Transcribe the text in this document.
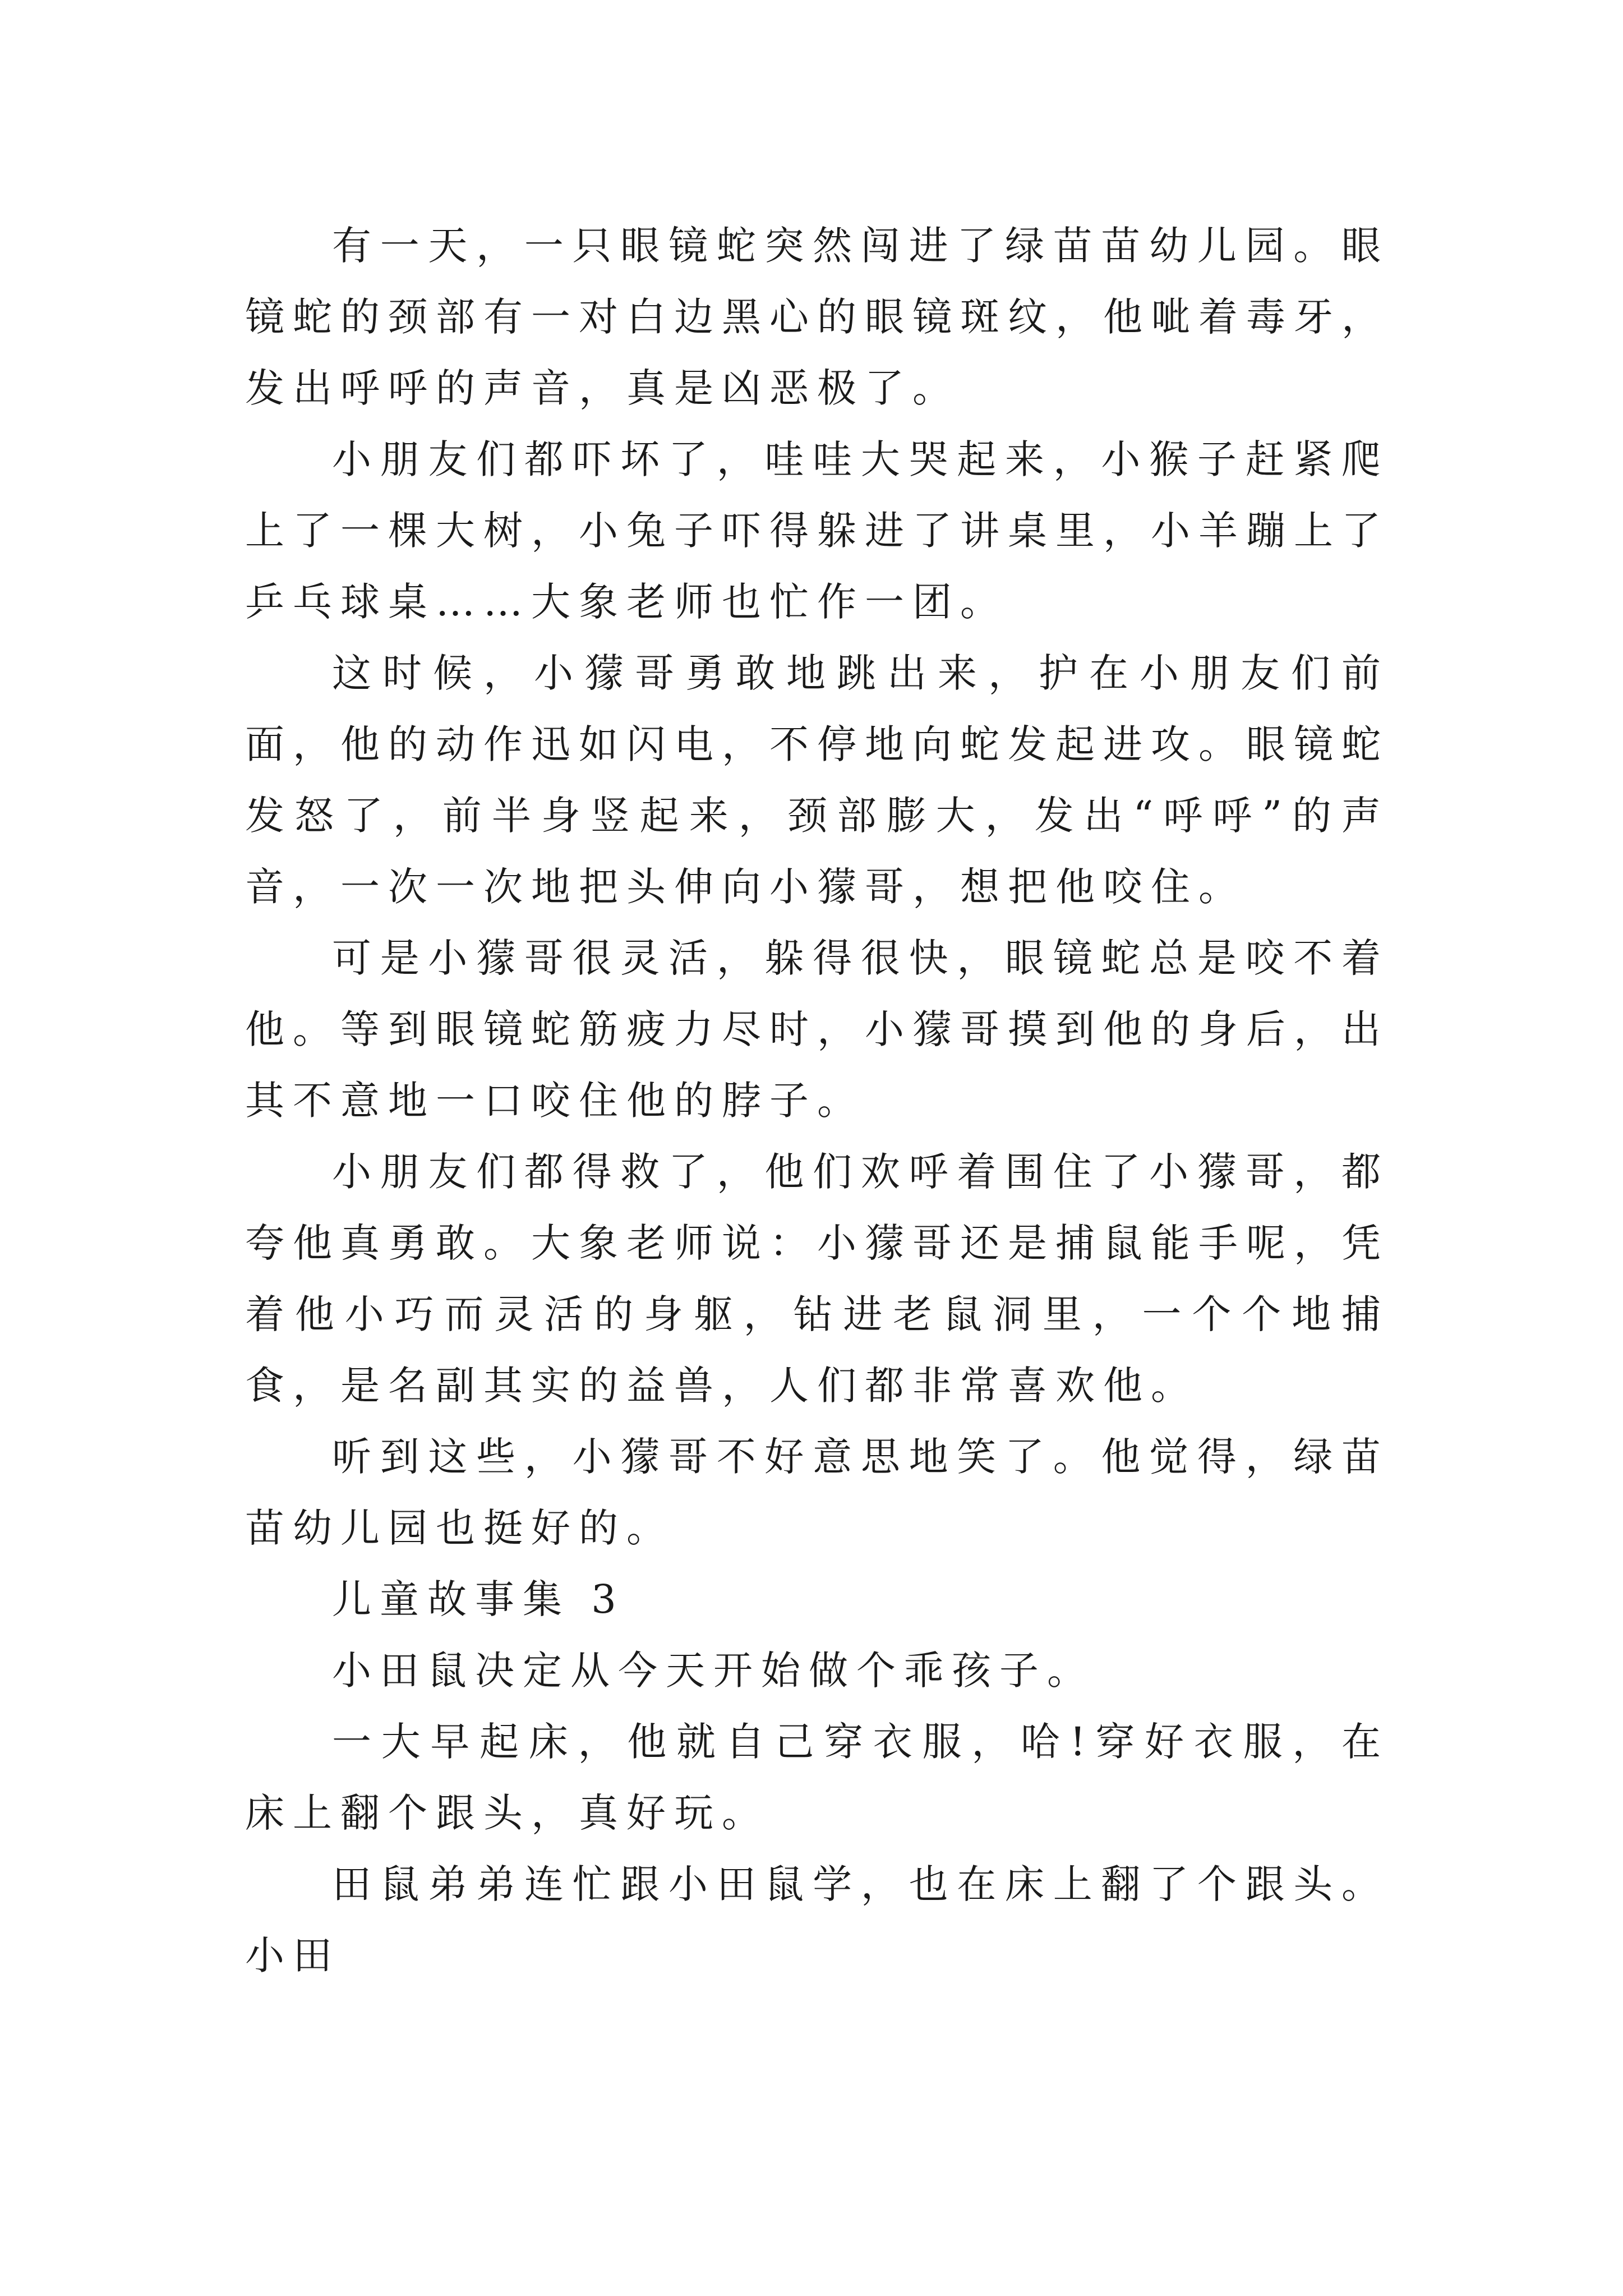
有一天，一只眼镜蛇突然闯进了绿苗苗幼儿园。眼镜蛇的颈部有一对白边黑心的眼镜斑纹，他呲着毒牙，发出呼呼的声音，真是凶恶极了。

小朋友们都吓坏了，哇哇大哭起来，小猴子赶紧爬上了一棵大树，小兔子吓得躲进了讲桌里，小羊蹦上了乒乓球桌……大象老师也忙作一团。

这时候，小獴哥勇敢地跳出来，护在小朋友们前面，他的动作迅如闪电，不停地向蛇发起进攻。眼镜蛇发怒了，前半身竖起来，颈部膨大，发出“呼呼”的声音，一次一次地把头伸向小獴哥，想把他咬住。

可是小獴哥很灵活，躲得很快，眼镜蛇总是咬不着他。等到眼镜蛇筋疲力尽时，小獴哥摸到他的身后，出其不意地一口咬住他的脖子。

小朋友们都得救了，他们欢呼着围住了小獴哥，都夸他真勇敢。大象老师说：小獴哥还是捕鼠能手呢，凭着他小巧而灵活的身躯，钻进老鼠洞里，一个个地捕食，是名副其实的益兽，人们都非常喜欢他。

听到这些，小獴哥不好意思地笑了。他觉得，绿苗苗幼儿园也挺好的。

儿童故事集 3

小田鼠决定从今天开始做个乖孩子。

一大早起床，他就自己穿衣服，哈!穿好衣服，在床上翻个跟头，真好玩。

田鼠弟弟连忙跟小田鼠学，也在床上翻了个跟头。小田
